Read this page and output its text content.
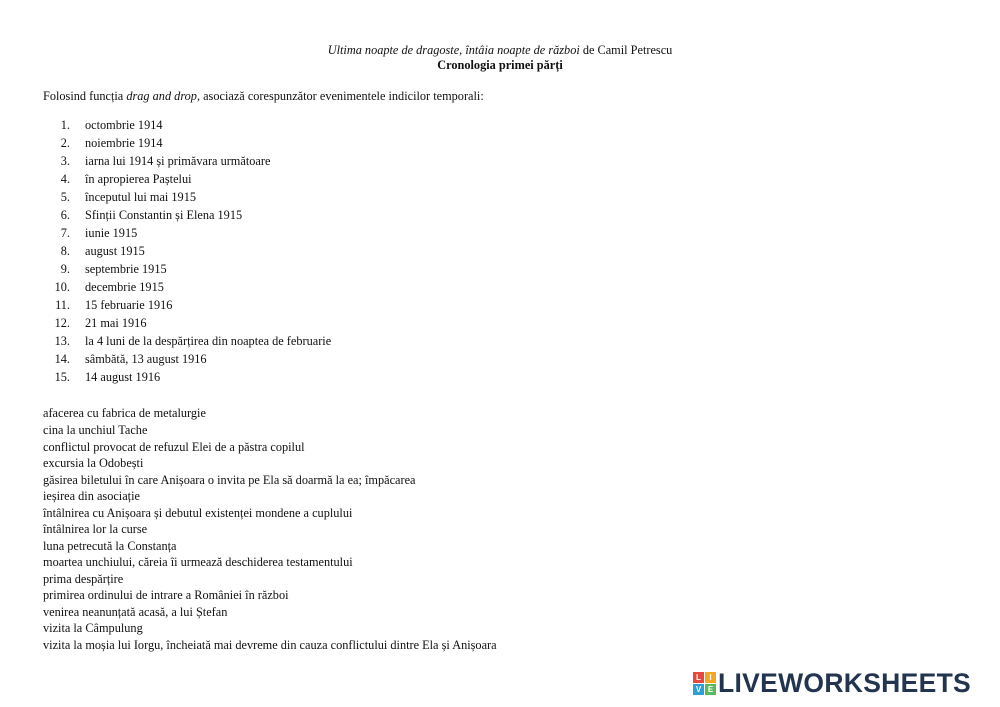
Ultima noapte de dragoste, întâia noapte de război de Camil Petrescu
Cronologia primei părți
Folosind funcția drag and drop, asociază corespunzător evenimentele indicilor temporali:
1. octombrie 1914
2. noiembrie 1914
3. iarna lui 1914 și primăvara următoare
4. în apropierea Paștelui
5. începutul lui mai 1915
6. Sfinții Constantin și Elena 1915
7. iunie 1915
8. august 1915
9. septembrie 1915
10. decembrie 1915
11. 15 februarie 1916
12. 21 mai 1916
13. la 4 luni de la despărțirea din noaptea de februarie
14. sâmbătă, 13 august 1916
15. 14 august 1916
afacerea cu fabrica de metalurgie
cina la unchiul Tache
conflictul provocat de refuzul Elei de a păstra copilul
excursia la Odobești
găsirea biletului în care Anișoara o invita pe Ela să doarmă la ea; împăcarea
ieșirea din asociație
întâlnirea cu Anișoara și debutul existenței mondene a cuplului
întâlnirea lor la curse
luna petrecută la Constanța
moartea unchiului, căreia îi urmează deschiderea testamentului
prima despărțire
primirea ordinului de intrare a României în război
venirea neanunțată acasă, a lui Ștefan
vizita la Câmpulung
vizita la moșia lui Iorgu, încheiată mai devreme din cauza conflictului dintre Ela și Anișoara
L	I
V E LIVEWORKSHEETS
